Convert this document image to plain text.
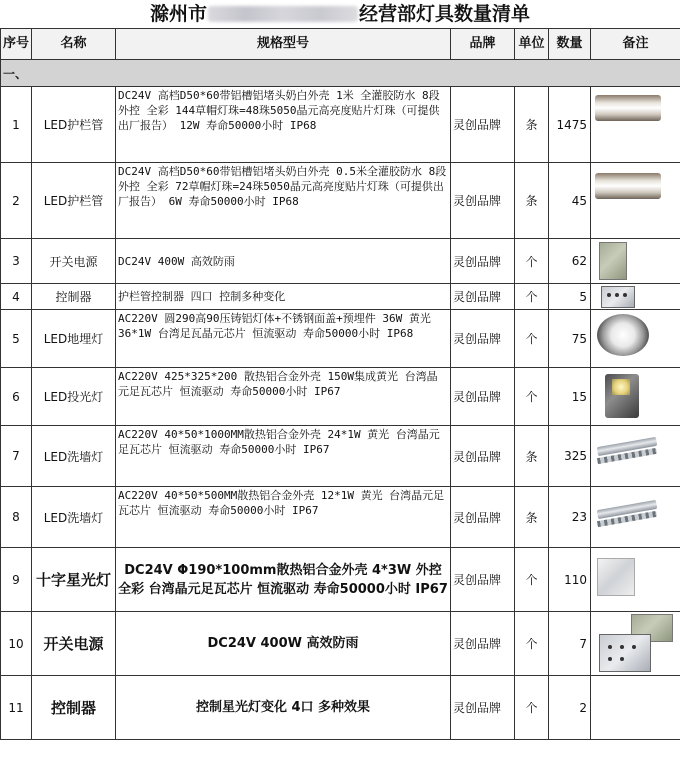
滁州市	经营部灯具数量清单
序号	名称	规格型号	品牌	单位	数量	备注
一、						
1	LED护栏管	DC24V 高档D50*60带铝槽铝堵头奶白外壳 1米 全灌胶防水 8段外控 全彩 144草帽灯珠=48珠5050晶元高亮度贴片灯珠（可提供出厂报告） 12W 寿命50000小时 IP68	灵创品牌	条	1475	

2	LED护栏管	DC24V 高档D50*60带铝槽铝堵头奶白外壳 0.5米全灌胶防水 8段外控 全彩 72草帽灯珠=24珠5050晶元高亮度贴片灯珠（可提供出厂报告） 6W 寿命50000小时 IP68	灵创品牌	条	45	

3	开关电源	DC24V 400W 高效防雨	灵创品牌	个	62	

4	控制器	护栏管控制器 四口 控制多种变化	灵创品牌	个	5	

5	LED地埋灯	AC220V 圆290高90压铸铝灯体+不锈钢面盖+预埋件 36W 黄光 36*1W 台湾足瓦晶元芯片 恒流驱动 寿命50000小时 IP68	灵创品牌	个	75	

6	LED投光灯	AC220V 425*325*200 散热铝合金外壳 150W集成黄光 台湾晶元足瓦芯片 恒流驱动 寿命50000小时 IP67	灵创品牌	个	15	

7	LED洗墙灯	AC220V 40*50*1000MM散热铝合金外壳 24*1W 黄光 台湾晶元足瓦芯片 恒流驱动 寿命50000小时 IP67	灵创品牌	条	325	

8	LED洗墙灯	AC220V 40*50*500MM散热铝合金外壳 12*1W 黄光 台湾晶元足瓦芯片 恒流驱动 寿命50000小时 IP67	灵创品牌	条	23	

9	十字星光灯	DC24V Φ190*100mm散热铝合金外壳 4*3W 外控全彩 台湾晶元足瓦芯片 恒流驱动 寿命50000小时 IP67	灵创品牌	个	110	

10	开关电源	DC24V 400W 高效防雨	灵创品牌	个	7	

11	控制器	控制星光灯变化 4口 多种效果	灵创品牌	个	2	
